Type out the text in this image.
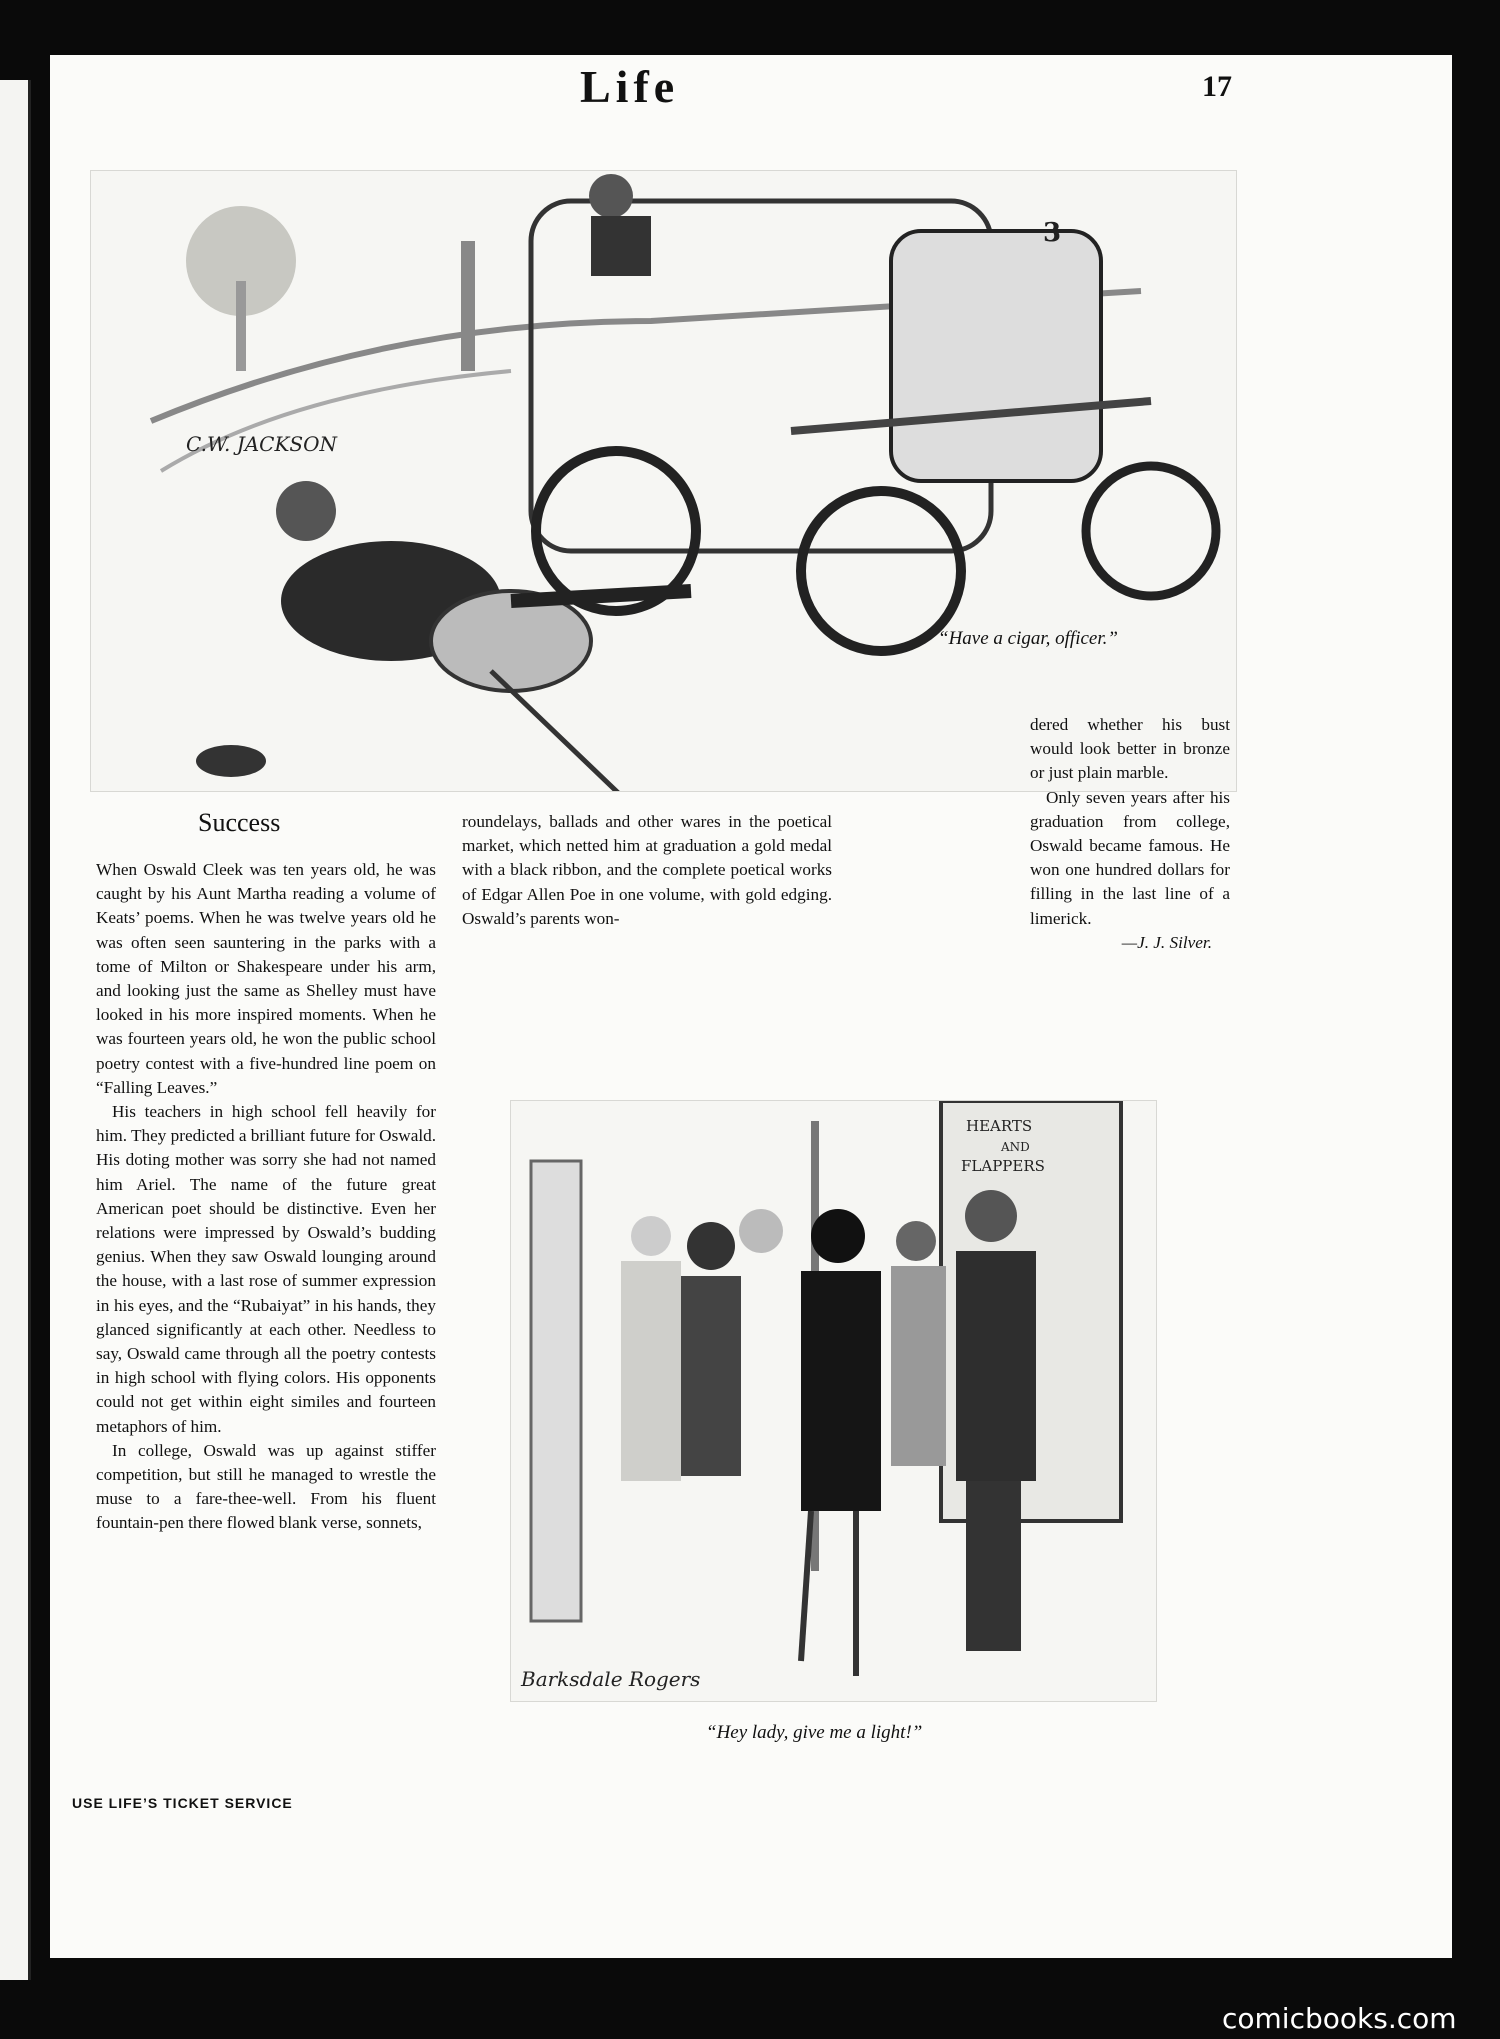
Life	17
C.W. JACKSON
3
“Have a cigar, officer.”
Success

When Oswald Cleek was ten years old, he was caught by his Aunt Martha reading a volume of Keats’ poems. When he was twelve years old he was often seen sauntering in the parks with a tome of Milton or Shakespeare under his arm, and looking just the same as Shelley must have looked in his more inspired moments. When he was fourteen years old, he won the public school poetry contest with a five-hundred line poem on “Falling Leaves.”

His teachers in high school fell heavily for him. They predicted a brilliant future for Oswald. His doting mother was sorry she had not named him Ariel. The name of the future great American poet should be distinctive. Even her relations were impressed by Oswald’s budding genius. When they saw Oswald lounging around the house, with a last rose of summer expression in his eyes, and the “Rubaiyat” in his hands, they glanced significantly at each other. Needless to say, Oswald came through all the poetry contests in high school with flying colors. His opponents could not get within eight similes and fourteen metaphors of him.

In college, Oswald was up against stiffer competition, but still he managed to wrestle the muse to a fare-thee-well. From his fluent fountain-pen there flowed blank verse, sonnets,

roundelays, ballads and other wares in the poetical market, which netted him at graduation a gold medal with a black ribbon, and the complete poetical works of Edgar Allen Poe in one volume, with gold edging. Oswald’s parents won-

dered whether his bust would look better in bronze or just plain marble.

Only seven years after his graduation from college, Oswald became famous. He won one hundred dollars for filling in the last line of a limerick.

—J. J. Silver.

HEARTS
AND
FLAPPERS
Barksdale Rogers
“Hey lady, give me a light!”
USE LIFE’S TICKET SERVICE
comicbooks.com
